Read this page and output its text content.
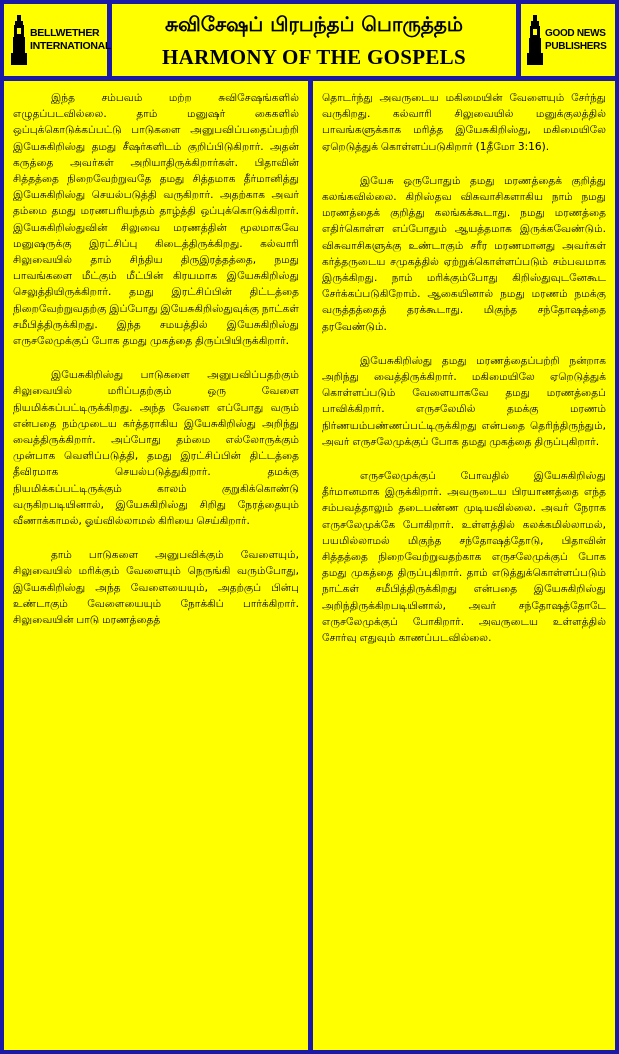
BELLWETHER
INTERNATIONAL
சுவிசேஷப் பிரபந்தப் பொருத்தம்
HARMONY OF THE GOSPELS
GOOD NEWS
PUBLISHERS

இந்த சம்பவம் மற்ற சுவிசேஷங்களில் எழுதப்படவில்லை. தாம் மனுஷர் கைகளில் ஒப்புக்கொடுக்கப்பட்டு பாடுகளை அனுபவிப்பதைப்பற்றி இயேசுகிறிஸ்து தமது சீஷர்களிடம் குறிப்பிடுகிறார். அதன் கருத்தை அவர்கள் அறியாதிருக்கிறார்கள். பிதாவின் சித்தத்தை நிறைவேற்றுவதே தமது சித்தமாக தீர்மானித்து இயேசுகிறிஸ்து செயல்படுத்தி வருகிறார். அதற்காக அவர் தம்மை தமது மரணபரியந்தம் தாழ்த்தி ஒப்புக்கொடுக்கிறார். இயேசுகிறிஸ்துவின் சிலுவை மரணத்தின் மூலமாகவே மனுஷருக்கு இரட்சிப்பு கிடைத்திருக்கிறது. கல்வாரி சிலுவையில் தாம் சிந்திய திருஇரத்தத்தை, நமது பாவங்களை மீட்கும் மீட்பின் கிரயமாக இயேசுகிறிஸ்து செலுத்தியிருக்கிறார். தமது இரட்சிப்பின் திட்டத்தை நிறைவேற்றுவதற்கு இப்போது இயேசுகிறிஸ்துவுக்கு நாட்கள் சமீபித்திருக்கிறது. இந்த சமயத்தில் இயேசுகிறிஸ்து எருசலேமுக்குப் போக தமது முகத்தை திருப்பியிருக்கிறார்.

இயேசுகிறிஸ்து பாடுகளை அனுபவிப்பதற்கும் சிலுவையில் மரிப்பதற்கும் ஒரு வேளை நியமிக்கப்பட்டிருக்கிறது. அந்த வேளை எப்போது வரும் என்பதை நம்முடைய கர்த்தராகிய இயேசுகிறிஸ்து அறிந்து வைத்திருக்கிறார். அப்போது தம்மை எல்லோருக்கும் முன்பாக வெளிப்படுத்தி, தமது இரட்சிப்பின் திட்டத்தை தீவிரமாக செயல்படுத்துகிறார். தமக்கு நியமிக்கப்பட்டிருக்கும் காலம் குறுகிக்கொண்டு வருகிறபடியினால், இயேசுகிறிஸ்து சிறிது நேரத்தையும் வீணாக்காமல், ஓய்வில்லாமல் கிரியை செய்கிறார்.

தாம் பாடுகளை அனுபவிக்கும் வேளையும், சிலுவையில் மரிக்கும் வேளையும் நெருங்கி வரும்போது, இயேசுகிறிஸ்து அந்த வேளையையும், அதற்குப் பின்பு உண்டாகும் வேளையையும் நோக்கிப் பார்க்கிறார். சிலுவையின் பாடு மரணத்தைத்

தொடர்ந்து அவருடைய மகிமையின் வேளையும் சேர்ந்து வருகிறது. கல்வாரி சிலுவையில் மனுக்குலத்தில் பாவங்களுக்காக மரித்த இயேசுகிறிஸ்து, மகிமையிலே ஏறெடுத்துக் கொள்ளப்படுகிறார் (1தீமோ 3:16).

இயேசு ஒருபோதும் தமது மரணத்தைக் குறித்து கலங்கவில்லை. கிறிஸ்தவ விசுவாசிகளாகிய நாம் நமது மரணத்தைக் குறித்து கலங்கக்கூடாது. நமது மரணத்தை எதிர்கொள்ள எப்போதும் ஆயத்தமாக இருக்கவேண்டும். விசுவாசிகளுக்கு உண்டாகும் சரீர மரணமானது அவர்கள் கர்த்தருடைய சமுகத்தில் ஏற்றுக்கொள்ளப்படும் சம்பவமாக இருக்கிறது. நாம் மரிக்கும்போது கிறிஸ்துவுடனேகூட சேர்க்கப்படுகிறோம். ஆகையினால் நமது மரணம் நமக்கு வருத்தத்தைத் தரக்கூடாது. மிகுந்த சந்தோஷத்தை தரவேண்டும்.

இயேசுகிறிஸ்து தமது மரணத்தைப்பற்றி நன்றாக அறிந்து வைத்திருக்கிறார். மகிமையிலே ஏறெடுத்துக் கொள்ளப்படும் வேளையாகவே தமது மரணத்தைப் பாவிக்கிறார். எருசலேமில் தமக்கு மரணம் நிர்ணயம்பண்ணப்பட்டிருக்கிறது என்பதை தெரிந்திருந்தும், அவர் எருசலேமுக்குப் போக தமது முகத்தை திருப்புகிறார்.

எருசலேமுக்குப் போவதில் இயேசுகிறிஸ்து தீர்மானமாக இருக்கிறார். அவருடைய பிரயாணத்தை எந்த சம்பவத்தாலும் தடைபண்ண முடியவில்லை. அவர் நேராக எருசலேமுக்கே போகிறார். உள்ளத்தில் கலக்கமில்லாமல், பயமில்லாமல் மிகுந்த சந்தோஷத்தோடு, பிதாவின் சித்தத்தை நிறைவேற்றுவதற்காக எருசலேமுக்குப் போக தமது முகத்தை திருப்புகிறார். தாம் எடுத்துக்கொள்ளப்படும் நாட்கள் சமீபித்திருக்கிறது என்பதை இயேசுகிறிஸ்து அறிந்திருக்கிறபடியினால், அவர் சந்தோஷத்தோடே எருசலேமுக்குப் போகிறார். அவருடைய உள்ளத்தில் சோர்வு எதுவும் காணப்படவில்லை.
